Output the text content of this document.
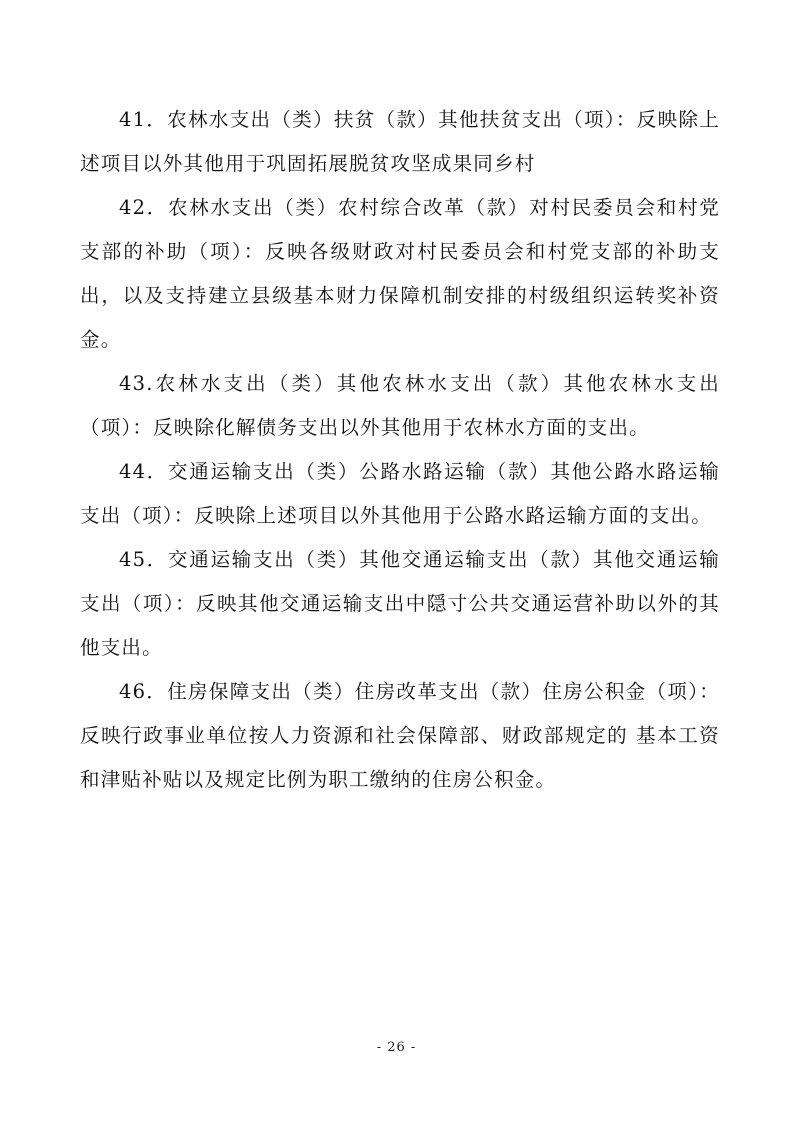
41．农林水支出（类）扶贫（款）其他扶贫支出（项）：反映除上述项目以外其他用于巩固拓展脱贫攻坚成果同乡村

42．农林水支出（类）农村综合改革（款）对村民委员会和村党支部的补助（项）：反映各级财政对村民委员会和村党支部的补助支出，以及支持建立县级基本财力保障机制安排的村级组织运转奖补资金。

43.农林水支出（类）其他农林水支出（款）其他农林水支出（项）：反映除化解债务支出以外其他用于农林水方面的支出。

44．交通运输支出（类）公路水路运输（款）其他公路水路运输支出（项）：反映除上述项目以外其他用于公路水路运输方面的支出。

45．交通运输支出（类）其他交通运输支出（款）其他交通运输支出（项）：反映其他交通运输支出中隠寸公共交通运营补助以外的其他支出。

46．住房保障支出（类）住房改革支出（款）住房公积金（项）：反映行政事业单位按人力资源和社会保障部、财政部规定的 基本工资和津贴补贴以及规定比例为职工缴纳的住房公积金。

- 26 -
